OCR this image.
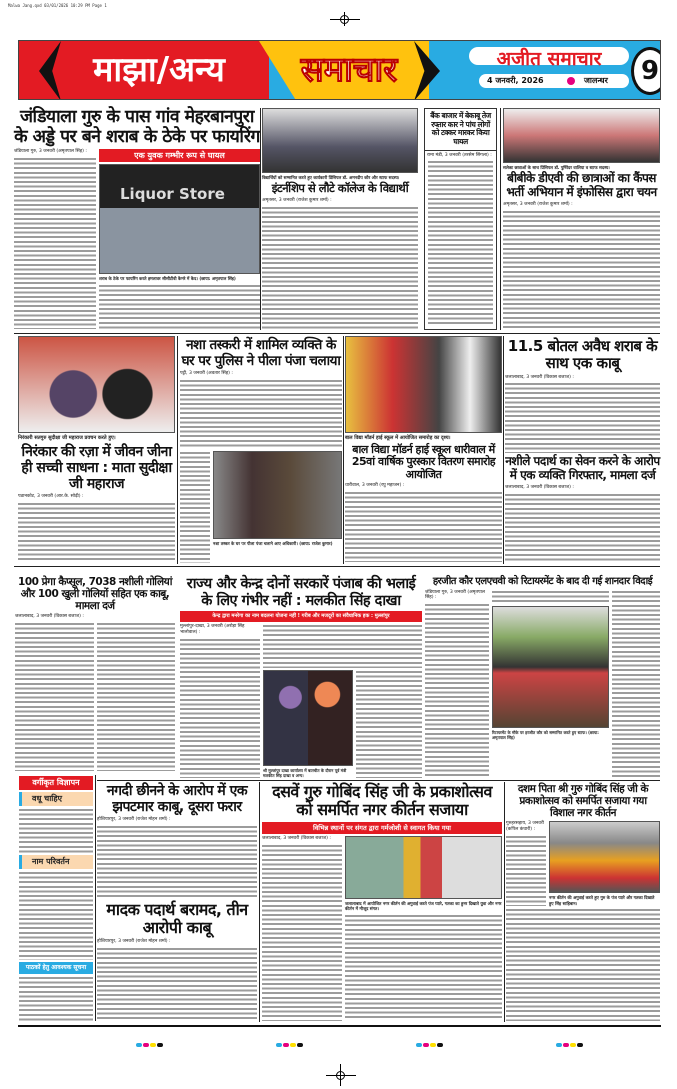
Malwa Jang.qxd 03/01/2026 10:29 PM Page 1
माझा/अन्य	समाचार	अजीत समाचार
4 जनवरी, 2026	जालन्धर	9
जंडियाला गुरु के पास गांव मेहरबानपुरा के अड्डे पर बने शराब के ठेके पर फायरिंग
जंडियाला गुरु, 3 जनवरी (अमृतपाल सिंह) :	एक युवक गम्भीर रूप से घायल
Liquor Store
शराब के ठेके पर फायरिंग करते हमलावर सीसीटीवी कैमरे में कैद। (छाया: अमृतपाल सिंह)
विद्यार्थियों को सम्मानित करते हुए कार्यकारी प्रिंसिपल डॉ. अमनदीप कौर और स्टाफ सदस्य।
इंटर्नशिप से लौटे कॉलेज के विद्यार्थी
अमृतसर, 3 जनवरी (राजेश कुमार शर्मा) :
बैंक बाजार में बेकाबू तेज रफ्तार कार ने पांच लोगों को टक्कर मारकर किया घायल
रामा मंडी, 3 जनवरी (तरसेम सिंगला) :
सलेक्ट छात्राओं के साथ प्रिंसिपल डॉ. पुष्पिंदर वालिया व स्टाफ सदस्य।
बीबीके डीएवी की छात्राओं का कैंपस भर्ती अभियान में इंफोसिस द्वारा चयन
अमृतसर, 3 जनवरी (राजेश कुमार शर्मा) :
निरंकारी सतगुरु सुदीक्षा जी महाराज प्रवचन करते हुए।
निरंकार की रज़ा में जीवन जीना ही सच्ची साधना : माता सुदीक्षा जी महाराज
पठानकोट, 3 जनवरी (आर.के. सोढ़ी) :
नशा तस्करी में शामिल व्यक्ति के घर पर पुलिस ने पीला पंजा चलाया
पट्टी, 3 जनवरी (अवतार सिंह) :
नशा तस्कर के घर पर पीला पंजा चलाने आए अधिकारी। (छाया: राजेश कुमार)
बाल विद्या मॉडर्न हाई स्कूल में आयोजित समारोह का दृश्य।
बाल विद्या मॉडर्न हाई स्कूल धारीवाल में 25वां वार्षिक पुरस्कार वितरण समारोह आयोजित
धारीवाल, 3 जनवरी (रघु महाजन) :
11.5 बोतल अवैध शराब के साथ एक काबू
जलालाबाद, 3 जनवरी (विकास बजाज) :
नशीले पदार्थ का सेवन करने के आरोप में एक व्यक्ति गिरफ्तार, मामला दर्ज
जलालाबाद, 3 जनवरी (विकास बजाज) :
100 प्रेगा कैप्सूल, 7038 नशीली गोलियां और 100 खुली गोलियों सहित एक काबू, मामला दर्ज
जलालाबाद, 3 जनवरी (विकास बजाज) :
वर्गीकृत विज्ञापन
वधू चाहिए
नाम परिवर्तन
पाठकों हेतु आवश्यक सूचना
राज्य और केन्द्र दोनों सरकारें पंजाब की भलाई के लिए गंभीर नहीं : मलकीत सिंह दाखा
केन्द्र द्वारा मनरेगा का नाम बदलना योजना नहीं ! गरीब और मजदूरों का संवैधानिक हक : मुल्लांपुर
मुल्लांपुर-दाखा, 3 जनवरी (अरोड़ा सिंह भालोवाल) :
श्री मुल्लांपुर दाखा कार्यालय में बातचीत के दौरान पूर्व मंत्री मलकीत सिंह दाखा व अन्य।
हरजीत कौर एलएचवी को रिटायरमेंट के बाद दी गई शानदार विदाई
जंडियाला गुरु, 3 जनवरी (अमृतपाल सिंह) :
रिटायरमेंट के मौके पर हरजीत कौर को सम्मानित करते हुए स्टाफ। (छाया: अमृतपाल सिंह)
नगदी छीनने के आरोप में एक झपटमार काबू, दूसरा फरार
होशियारपुर, 3 जनवरी (राजेश मोहन शर्मा) :
मादक पदार्थ बरामद, तीन आरोपी काबू
होशियारपुर, 3 जनवरी (राजेश मोहन शर्मा) :
दसवें गुरु गोबिंद सिंह जी के प्रकाशोत्सव को समर्पित नगर कीर्तन सजाया
विभिन्न स्थानों पर संगत द्वारा गर्मजोशी से स्वागत किया गया
जलालाबाद, 3 जनवरी (विकास बजाज) :
जलालाबाद में आयोजित नगर कीर्तन की अगुवाई करते पंज प्यारे, गतका का हुनर दिखाते युवा और नगर कीर्तन में मौजूद संगत।
दशम पिता श्री गुरु गोबिंद सिंह जी के प्रकाशोत्सव को समर्पित सजाया गया विशाल नगर कीर्तन
गुरुहरसहाय, 3 जनवरी (कपिल कंधारी) :
नगर कीर्तन की अगुवाई करते हुए गुरु के पंज प्यारे और गतका दिखाते हुए सिंह साहिबान।
